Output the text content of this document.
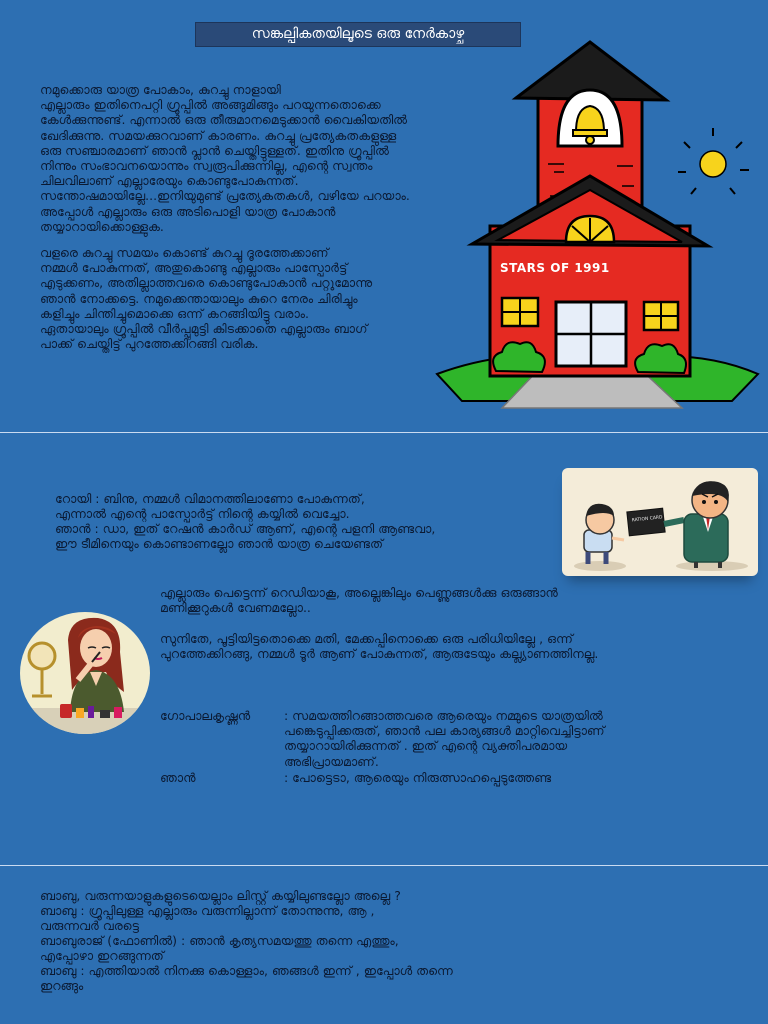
സങ്കല്പികതയിലൂടെ ഒരു നേർകാഴ്ച
നമുക്കൊരു യാത്ര പോകാം, കുറച്ചു നാളായി
എല്ലാരും ഇതിനെപറ്റി ഗ്രൂപ്പിൽ അങ്ങുമിങ്ങും പറയുന്നതൊക്കെ
കേൾക്കുന്നുണ്ട്. എന്നാൽ ഒരു തീരുമാനമെടുക്കാൻ വൈകിയതിൽ
ഖേദിക്കുന്നു. സമയക്കുറവാണ് കാരണം. കുറച്ചു പ്രത്യേകതകളുള്ള
ഒരു സഞ്ചാരമാണ് ഞാൻ പ്ലാൻ ചെയ്തിട്ടുള്ളത്. ഇതിനു ഗ്രൂപ്പിൽ
നിന്നും സംഭാവനയൊന്നും സ്വരൂപിക്കുന്നില്ല, എന്റെ സ്വന്തം
ചിലവിലാണ് എല്ലാരേയും കൊണ്ടുപോകുന്നത്.
സന്തോഷമായില്ലേ...ഇനിയുമുണ്ട് പ്രത്യേകതകൾ, വഴിയേ പറയാം.
അപ്പോൾ എല്ലാരും ഒരു അടിപൊളി യാത്ര പോകാൻ
തയ്യാറായിക്കൊള്ളുക.
വളരെ കുറച്ചു സമയം കൊണ്ട് കുറച്ചു ദൂരത്തേക്കാണ്
നമ്മൾ പോകുന്നത്, അതുകൊണ്ടു എല്ലാരും പാസ്പോർട്ട്
എടുക്കണം, അതില്ലാത്തവരെ കൊണ്ടുപോകാൻ പറ്റുമോന്നു
ഞാൻ നോക്കട്ടെ. നമുക്കെന്തായാലും കുറെ നേരം ചിരിച്ചും
കളിച്ചും ചിന്തിച്ചുമൊക്കെ ഒന്ന് കറങ്ങിയിട്ടു വരാം.
ഏതായാലും ഗ്രൂപ്പിൽ വീർപ്പുമുട്ടി കിടക്കാതെ എല്ലാരും ബാഗ്
പാക്ക് ചെയ്തിട്ട് പുറത്തേക്കിറങ്ങി വരിക.
STARS OF 1991
റോയി : ബിനു, നമ്മൾ വിമാനത്തിലാണോ പോകുന്നത്,
എന്നാൽ എന്റെ പാസ്പോർട്ട് നിന്റെ കയ്യിൽ വെച്ചോ.
ഞാൻ : ഡാ, ഇത് റേഷൻ കാർഡ് ആണ്, എന്റെ പളനി ആണ്ടവാ,
ഈ ടീമിനെയും കൊണ്ടാണല്ലോ ഞാൻ യാത്ര ചെയേണ്ടത്
RATION CARD
എല്ലാരും പെട്ടെന്ന് റെഡിയാകൂ, അല്ലെങ്കിലും പെണ്ണുങ്ങൾക്കു ഒരുങ്ങാൻ
മണിക്കൂറുകൾ വേണമല്ലോ..
സുനിതേ, പൂട്ടിയിട്ടതൊക്കെ മതി, മേക്കപ്പിനൊക്കെ ഒരു പരിധിയില്ലേ , ഒന്ന്
പുറത്തേക്കിറങ്ങു, നമ്മൾ ടൂർ ആണ് പോകുന്നത്, ആരുടേയും കല്ല്യാണത്തിനല്ല.
ഗോപാലകൃഷ്ണൻ	: സമയത്തിറങ്ങാത്തവരെ ആരെയും നമ്മുടെ യാത്രയിൽ
പങ്കെടുപ്പിക്കരുത്, ഞാൻ പല കാര്യങ്ങൾ മാറ്റിവെച്ചിട്ടാണ്
തയ്യാറായിരിക്കുന്നത് . ഇത് എന്റെ വ്യക്തിപരമായ
അഭിപ്രായമാണ്.
ഞാൻ	: പോട്ടെടാ, ആരെയും നിരുത്സാഹപ്പെടുത്തേണ്ട
ബാബു, വരുന്നയാളുകളുടെയെല്ലാം ലിസ്റ്റ് കയ്യിലുണ്ടല്ലോ അല്ലെ ?
ബാബു : ഗ്രൂപ്പിലുള്ള എല്ലാരും വരുന്നില്ലാന്ന് തോന്നുന്നു, ആ ,
വരുന്നവർ വരട്ടെ
ബാബുരാജ് (ഫോണിൽ) : ഞാൻ കൃത്യസമയത്തു തന്നെ എത്തും,
എപ്പോഴാ ഇറങ്ങുന്നത്
ബാബു : എത്തിയാൽ നിനക്കു കൊള്ളാം, ഞങ്ങൾ ഇന്ന് , ഇപ്പോൾ തന്നെ
ഇറങ്ങും
